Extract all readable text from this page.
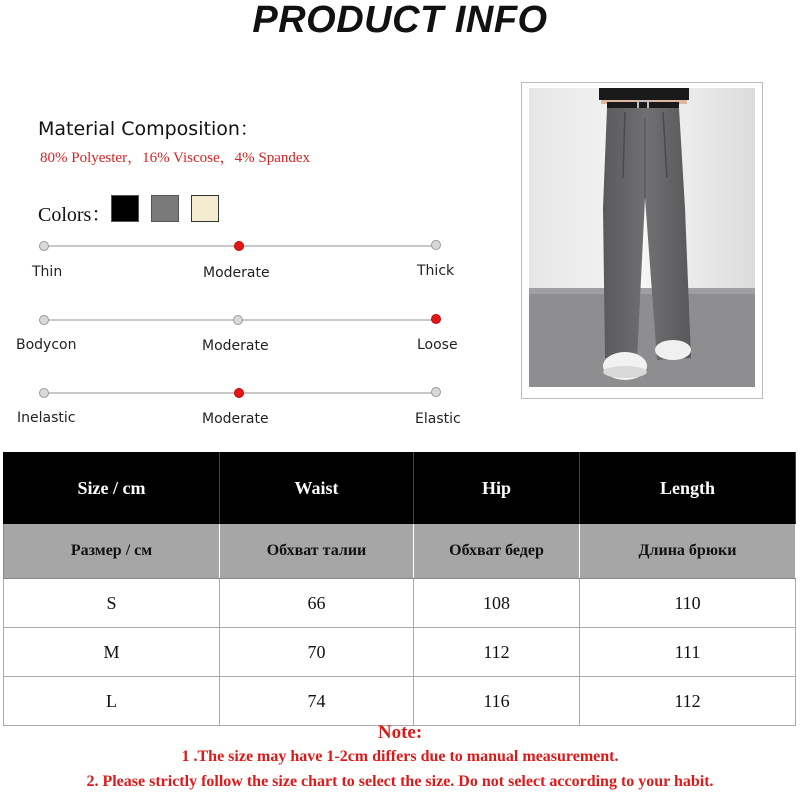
PRODUCT INFO
Material Composition：
80% Polyester，16% Viscose，4% Spandex
Colors：
Thin	Moderate	Thick
Bodycon	Moderate	Loose
Inelastic	Moderate	Elastic
Size / cm	Waist	Hip	Length
Размер / см	Обхват талии	Обхват бедер	Длина брюки
S	66	108	110
M	70	112	111
L	74	116	112
Note:
1 .The size may have 1-2cm differs due to manual measurement.
2. Please strictly follow the size chart to select the size. Do not select according to your habit.
